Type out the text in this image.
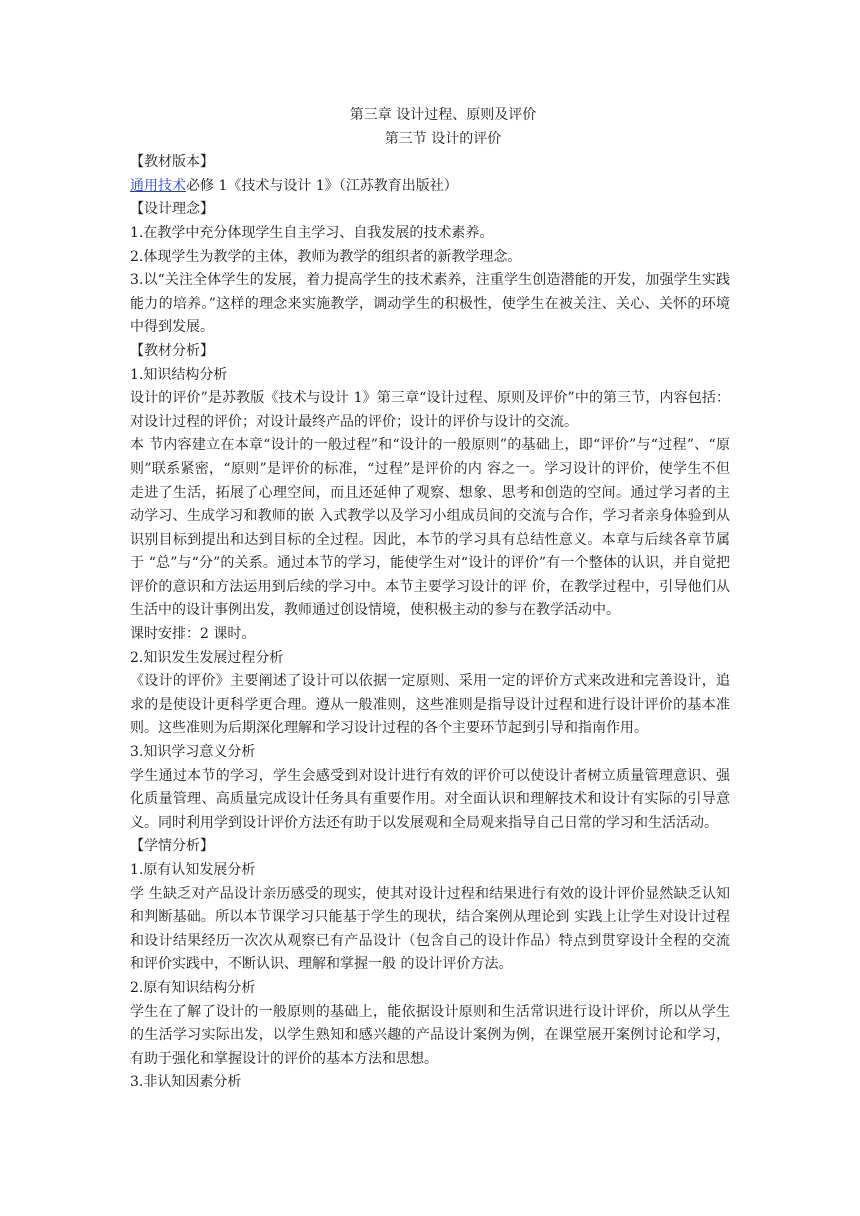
第三章 设计过程、原则及评价
第三节 设计的评价

【教材版本】

通用技术必修 1《技术与设计 1》（江苏教育出版社）

【设计理念】

1.在教学中充分体现学生自主学习、自我发展的技术素养。

2.体现学生为教学的主体，教师为教学的组织者的新教学理念。

3.以“关注全体学生的发展，着力提高学生的技术素养，注重学生创造潜能的开发，加强学生实践能力的培养。”这样的理念来实施教学，调动学生的积极性，使学生在被关注、关心、关怀的环境中得到发展。

【教材分析】

1.知识结构分析

设计的评价”是苏教版《技术与设计 1》第三章“设计过程、原则及评价”中的第三节，内容包括：对设计过程的评价；对设计最终产品的评价；设计的评价与设计的交流。

本 节内容建立在本章“设计的一般过程”和“设计的一般原则”的基础上，即“评价”与“过程”、“原则”联系紧密，“原则”是评价的标准，“过程”是评价的内 容之一。学习设计的评价，使学生不但走进了生活，拓展了心理空间，而且还延伸了观察、想象、思考和创造的空间。通过学习者的主动学习、生成学习和教师的嵌 入式教学以及学习小组成员间的交流与合作，学习者亲身体验到从识别目标到提出和达到目标的全过程。因此，本节的学习具有总结性意义。本章与后续各章节属于 “总”与“分”的关系。通过本节的学习，能使学生对“设计的评价”有一个整体的认识，并自觉把评价的意识和方法运用到后续的学习中。本节主要学习设计的评 价，在教学过程中，引导他们从生活中的设计事例出发，教师通过创设情境，使积极主动的参与在教学活动中。

课时安排：2 课时。

2.知识发生发展过程分析

《设计的评价》主要阐述了设计可以依据一定原则、采用一定的评价方式来改进和完善设计，追求的是使设计更科学更合理。遵从一般准则，这些准则是指导设计过程和进行设计评价的基本准则。这些准则为后期深化理解和学习设计过程的各个主要环节起到引导和指南作用。

3.知识学习意义分析

学生通过本节的学习，学生会感受到对设计进行有效的评价可以使设计者树立质量管理意识、强化质量管理、高质量完成设计任务具有重要作用。对全面认识和理解技术和设计有实际的引导意义。同时利用学到设计评价方法还有助于以发展观和全局观来指导自己日常的学习和生活活动。

【学情分析】

1.原有认知发展分析

学 生缺乏对产品设计亲历感受的现实，使其对设计过程和结果进行有效的设计评价显然缺乏认知和判断基础。所以本节课学习只能基于学生的现状，结合案例从理论到 实践上让学生对设计过程和设计结果经历一次次从观察已有产品设计（包含自己的设计作品）特点到贯穿设计全程的交流和评价实践中，不断认识、理解和掌握一般 的设计评价方法。

2.原有知识结构分析

学生在了解了设计的一般原则的基础上，能依据设计原则和生活常识进行设计评价，所以从学生的生活学习实际出发，以学生熟知和感兴趣的产品设计案例为例，在课堂展开案例讨论和学习，有助于强化和掌握设计的评价的基本方法和思想。

3.非认知因素分析
